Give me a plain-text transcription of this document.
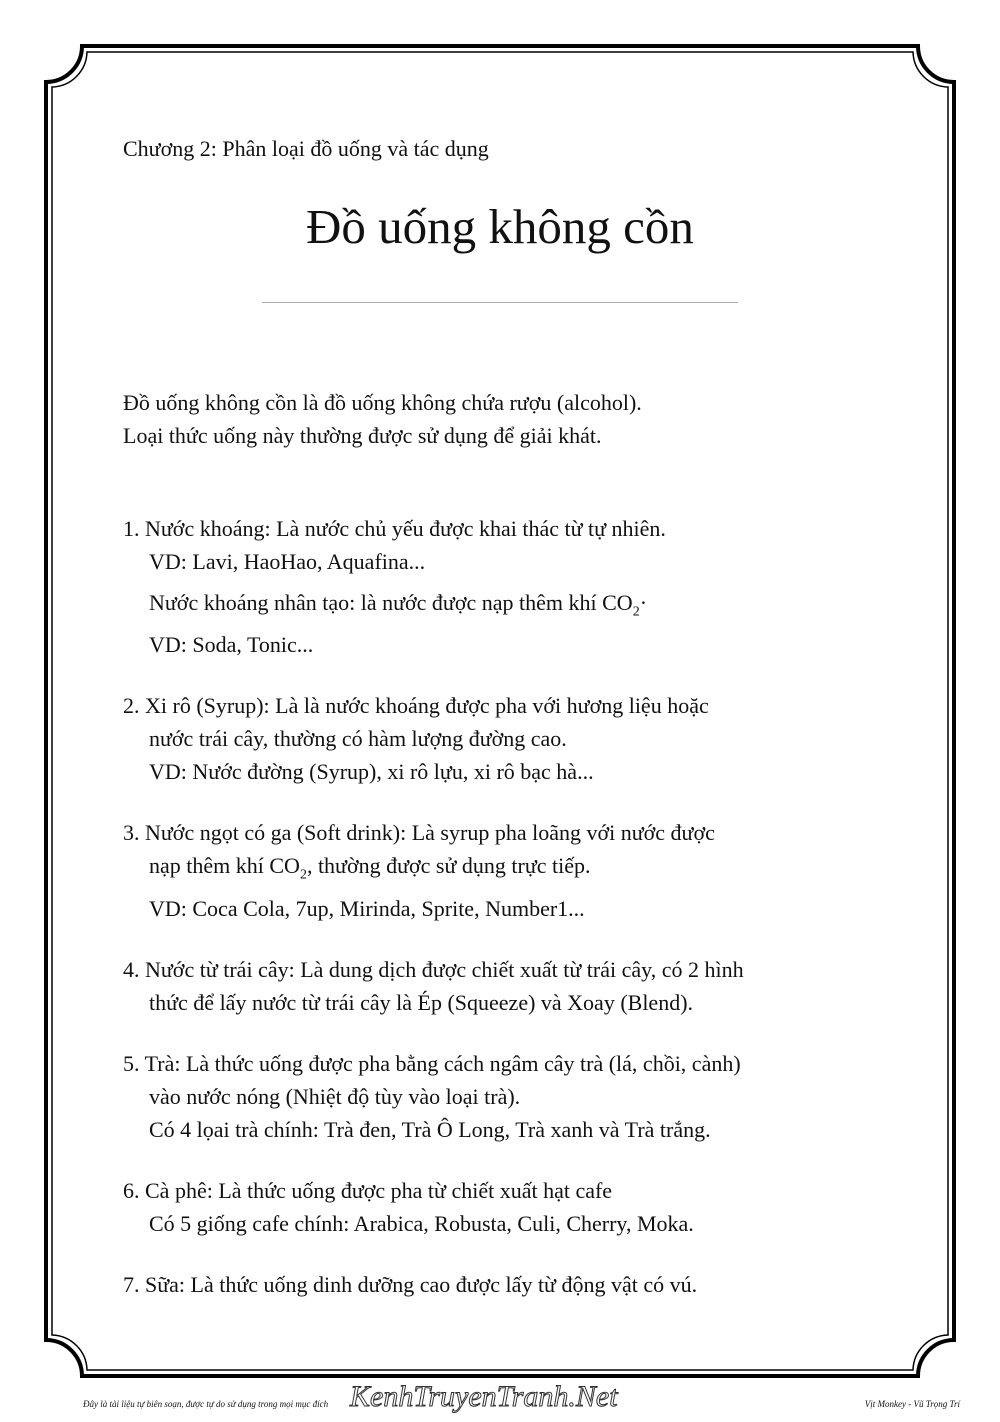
Chương 2: Phân loại đồ uống và tác dụng
Đồ uống không cồn
Đồ uống không cồn là đồ uống không chứa rượu (alcohol).
Loại thức uống này thường được sử dụng để giải khát.
1. Nước khoáng: Là nước chủ yếu được khai thác từ tự nhiên.
VD: Lavi, HaoHao, Aquafina...
Nước khoáng nhân tạo: là nước được nạp thêm khí $CO_2\cdot$
VD: Soda, Tonic...
2. Xi rô (Syrup): Là là nước khoáng được pha với hương liệu hoặc
nước trái cây, thường có hàm lượng đường cao.
VD: Nước đường (Syrup), xi rô lựu, xi rô bạc hà...
3. Nước ngọt có ga (Soft drink): Là syrup pha loãng với nước được
nạp thêm khí $CO_2$, thường được sử dụng trực tiếp.
VD: Coca Cola, 7up, Mirinda, Sprite, Number1...
4. Nước từ trái cây: Là dung dịch được chiết xuất từ trái cây, có 2 hình
thức để lấy nước từ trái cây là Ép (Squeeze) và Xoay (Blend).
5. Trà: Là thức uống được pha bằng cách ngâm cây trà (lá, chồi, cành)
vào nước nóng (Nhiệt độ tùy vào loại trà).
Có 4 lọai trà chính: Trà đen, Trà Ô Long, Trà xanh và Trà trắng.
6. Cà phê: Là thức uống được pha từ chiết xuất hạt cafe
Có 5 giống cafe chính: Arabica, Robusta, Culi, Cherry, Moka.
7. Sữa: Là thức uống dinh dưỡng cao được lấy từ động vật có vú.
Đây là tài liệu tự biên soạn, được tự do sử dụng trong mọi mục đích KenhTruyenTranh.Net	Vịt Monkey - Vũ Trọng Trí
